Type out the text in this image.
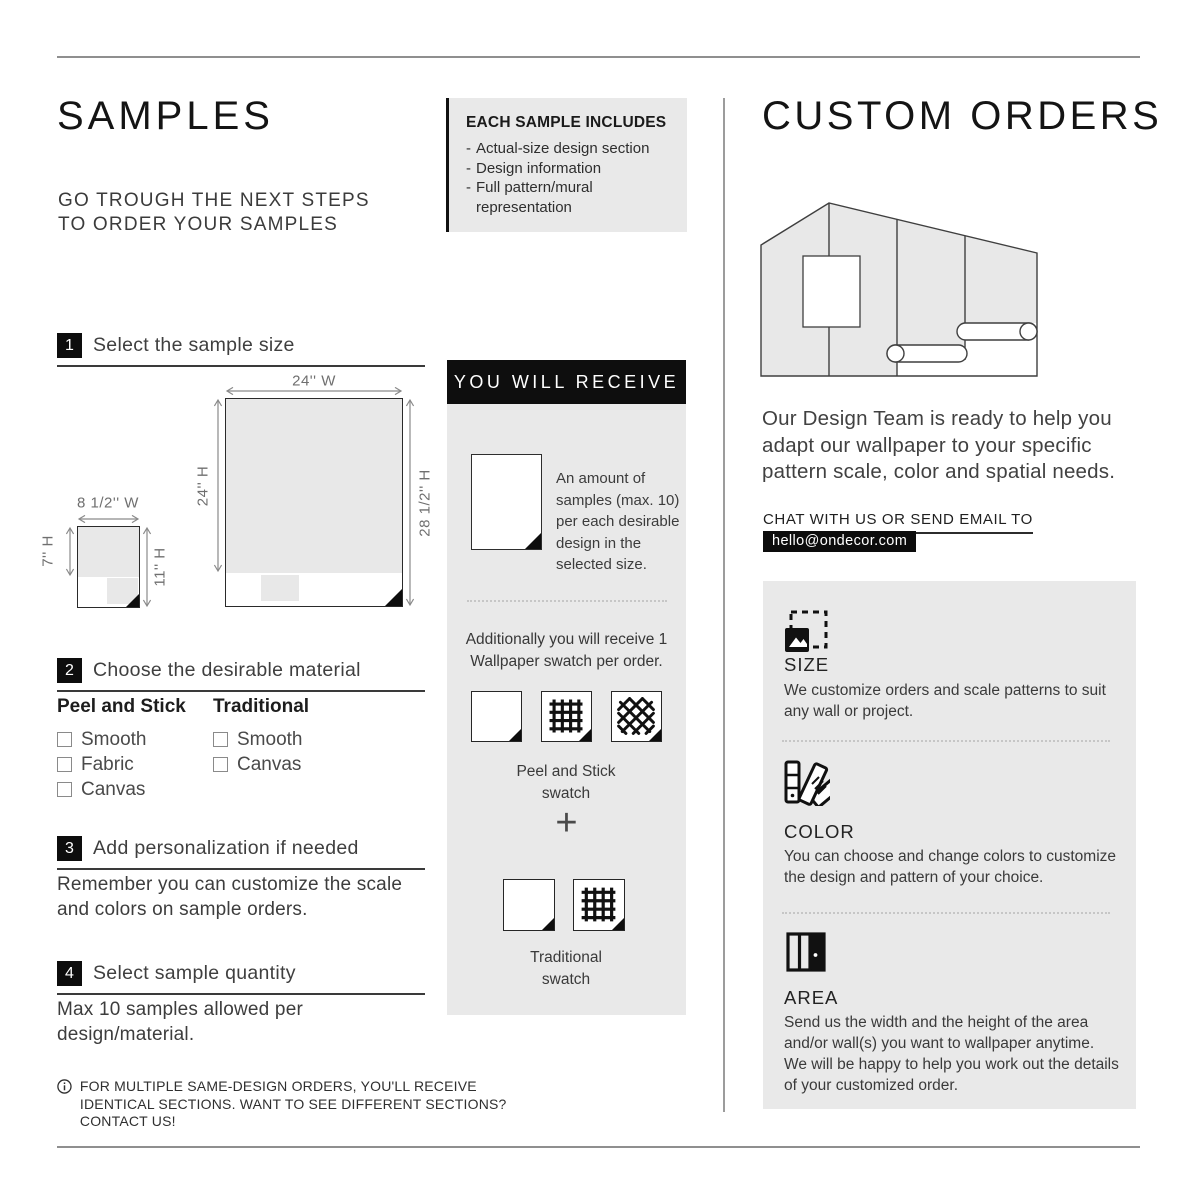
SAMPLES
GO TROUGH THE NEXT STEPS
TO ORDER YOUR SAMPLES
1 Select the sample size
8 1/2'' W
7'' H	11'' H
24'' W
24'' H	28 1/2'' H
2 Choose the desirable material
Peel and Stick
Smooth
Fabric
Canvas
Traditional
Smooth
Canvas
3 Add personalization if needed
Remember you can customize the scale and colors on sample orders.
4 Select sample quantity
Max 10 samples allowed per design/material.
FOR MULTIPLE SAME-DESIGN ORDERS, YOU'LL RECEIVE IDENTICAL SECTIONS. WANT TO SEE DIFFERENT SECTIONS? CONTACT US!
EACH SAMPLE INCLUDES
- Actual-size design section
- Design information
- Full pattern/mural representation
YOU WILL RECEIVE
An amount of samples (max. 10) per each desirable design in the selected size.
Additionally you will receive 1 Wallpaper swatch per order.
Peel and Stick swatch
+
Traditional swatch
CUSTOM ORDERS
Our Design Team is ready to help you adapt our wallpaper to your specific pattern scale, color and spatial needs.
CHAT WITH US OR SEND EMAIL TO
hello@ondecor.com
SIZE
We customize orders and scale patterns to suit any wall or project.
COLOR
You can choose and change colors to customize the design and pattern of your choice.
AREA
Send us the width and the height of the area and/or wall(s) you want to wallpaper anytime. We will be happy to help you work out the details of your customized order.
